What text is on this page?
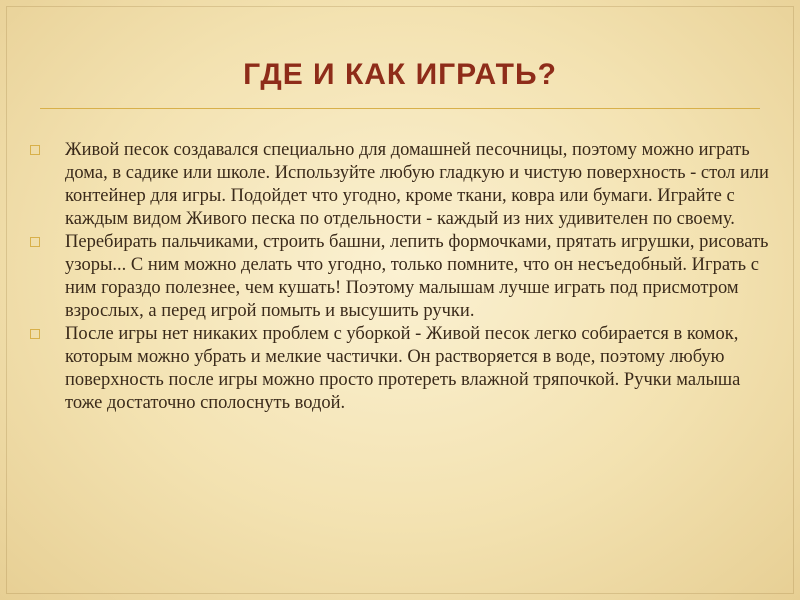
ГДЕ И КАК ИГРАТЬ?
Живой песок создавался специально для домашней песочницы, поэтому можно играть дома, в садике или школе. Используйте любую гладкую и чистую поверхность - стол или контейнер для игры. Подойдет что угодно, кроме ткани, ковра или бумаги. Играйте с каждым видом Живого песка по отдельности - каждый из них удивителен по своему.
Перебирать пальчиками, строить башни, лепить формочками, прятать игрушки, рисовать узоры... С ним можно делать что угодно, только помните, что он несъедобный. Играть с ним гораздо полезнее, чем кушать! Поэтому малышам лучше играть под присмотром взрослых, а перед игрой помыть и высушить ручки.
После игры нет никаких проблем с уборкой - Живой песок легко собирается в комок, которым можно убрать и мелкие частички. Он растворяется в воде, поэтому любую поверхность после игры можно просто протереть влажной тряпочкой. Ручки малыша тоже достаточно сполоснуть водой.
